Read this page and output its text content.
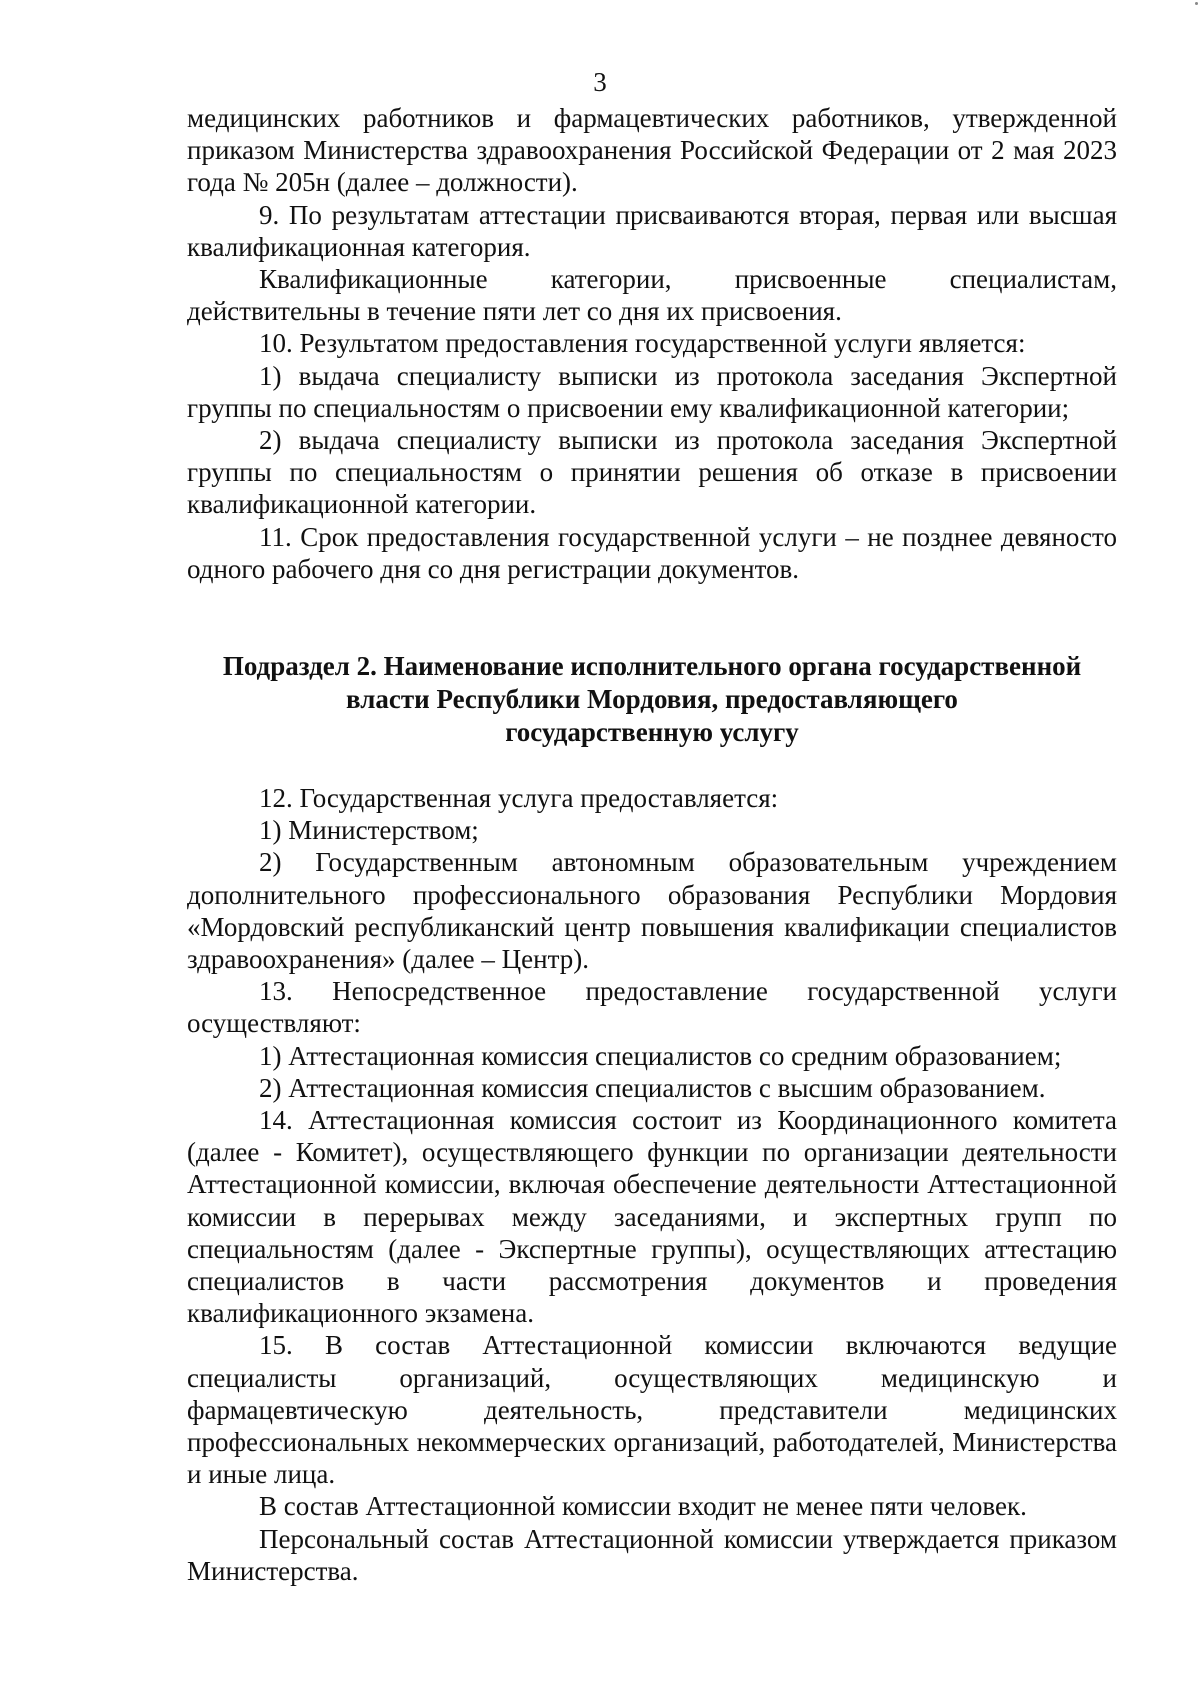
3

медицинских работников и фармацевтических работников, утвержденной приказом Министерства здравоохранения Российской Федерации от 2 мая 2023 года № 205н (далее – должности).

9. По результатам аттестации присваиваются вторая, первая или высшая квалификационная категория.

Квалификационные категории, присвоенные специалистам, действительны в течение пяти лет со дня их присвоения.

10. Результатом предоставления государственной услуги является:

1) выдача специалисту выписки из протокола заседания Экспертной группы по специальностям о присвоении ему квалификационной категории;

2) выдача специалисту выписки из протокола заседания Экспертной группы по специальностям о принятии решения об отказе в присвоении квалификационной категории.

11. Срок предоставления государственной услуги – не позднее девяносто одного рабочего дня со дня регистрации документов.

Подраздел 2. Наименование исполнительного органа государственной
власти Республики Мордовия, предоставляющего
государственную услугу

12. Государственная услуга предоставляется:

1) Министерством;

2) Государственным автономным образовательным учреждением дополнительного профессионального образования Республики Мордовия «Мордовский республиканский центр повышения квалификации специалистов здравоохранения» (далее – Центр).

13. Непосредственное предоставление государственной услуги осуществляют:

1) Аттестационная комиссия специалистов со средним образованием;

2) Аттестационная комиссия специалистов с высшим образованием.

14. Аттестационная комиссия состоит из Координационного комитета (далее - Комитет), осуществляющего функции по организации деятельности Аттестационной комиссии, включая обеспечение деятельности Аттестационной комиссии в перерывах между заседаниями, и экспертных групп по специальностям (далее - Экспертные группы), осуществляющих аттестацию специалистов в части рассмотрения документов и проведения квалификационного экзамена.

15. В состав Аттестационной комиссии включаются ведущие специалисты организаций, осуществляющих медицинскую и фармацевтическую деятельность, представители медицинских профессиональных некоммерческих организаций, работодателей, Министерства и иные лица.

В состав Аттестационной комиссии входит не менее пяти человек.

Персональный состав Аттестационной комиссии утверждается приказом Министерства.
